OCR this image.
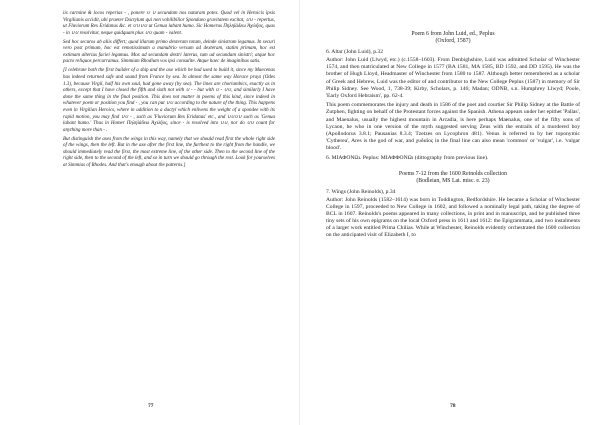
iis carmine & locos reperias - , ponere ∪ ∪ secundam nos naturam potes. Quod vel in Heroicis ipsis Virgilianis accidit, ubi praeter Dactylum qui non vobilibilior Spondaeo gravitatem excitat, ∪∪ - repertus, ut Fluviorum Rex Eridanus &c. et ∪∪∪∪ ut Genua labant humo. Sic Homerus Πηληϊάδεω Ἀχιλῆος, quas - in ∪∪ resolvitur, neque quidquam plus ∪∪ quam - valent.

Sed hoc securos ab aliis differt; quod illarum primo dexteram totam, deinde sinistram legamus. In securi vero post primam, hoc est remotissimam a manubrio versum ad dexteram, statim primam, hoc est extimam alterius faciei legamus. Mox ad secundam dextri laterus, tum ad secundam sinistri; atque hoc pacto reliquos percurramus. Simmiam Rhodium vos ipsi consulite. Atque haec de imaginibus satis.

[I celebrate both the first builder of a ship and the axe which he had used to build it, since my Maecenas has indeed returned safe and sound from France by sea. In almost the same way Horace prays (Odes 1.3), because Virgil, half his own soul, had gone away (by sea). The lines are choriambics, exactly as in others, except that I have closed the fifth and sixth not with ∪ - - but with ∪ - ∪∪, and similarly I have done the same thing in the final position. This does not matter in poems of this kind, since indeed in whatever poem or position you find - , you can put ∪∪ according to the nature of the thing. This happens even in Virgilian Heroics, where in addition to a dactyl which enlivens the weight of a spondee with its rapid motion, you may find ∪∪ - , such as 'Fluviorum Rex Eridanus' etc., and ∪∪∪∪ such as 'Genua labant humo.' Thus in Homer Πηληϊάδεω Ἀχιλῆος, since - is resolved into ∪∪, nor do ∪∪ count for anything more than - .

But distinguish the axes from the wings in this way, namely that we should read first the whole right side of the wings, then the left. But in the axe after the first line, the furthest to the right from the handle, we should immediately read the first, the most extreme line, of the other side. Then to the second line of the right side, then to the second of the left, and so in turn we should go through the rest. Look for yourselves at Simmias of Rhodes. And that's enough about the patterns.]

77

Poem 6 from John Luid, ed., Peplus

(Oxford, 1587)

6. Altar (John Luid), p.32

Author: John Luid (Llwyd, etc.) (c.1558–1603). From Denbighshire, Luid was admitted Scholar of Winchester 1574, and then matriculated at New College in 1577 (BA 1581, MA 1585, BD 1592, and DD 1595). He was the brother of Hugh Lloyd, Headmaster of Winchester from 1580 to 1587. Although better remembered as a scholar of Greek and Hebrew, Luid was the editor of and contributor to the New College Peplus (1587) in memory of Sir Philip Sidney. See Wood, 1, 738-39; Kirby, Scholars, p. 146; Madan; ODNB, s.n. Humphrey Llwyd; Poole, 'Early Oxford Hebraism', pp. 62-4.

This poem commemorates the injury and death in 1586 of the poet and courtier Sir Philip Sidney at the Battle of Zutphen, fighting on behalf of the Protestant forces against the Spanish. Athena appears under her epithet 'Pallas', and Maenalus, usually the highest mountain in Arcadia, is here perhaps Maenalus, one of the fifty sons of Lycaon, he who in one version of the myth suggested serving Zeus with the entrails of a murdered boy (Apollodorus 3.8.1; Pausanias 8.3.4; Tzetzes on Lycophron 481). Venus is referred to by her toponymic 'Cytherea', Ares is the god of war, and χυδαῖος in the final line can also mean 'common' or 'vulgar', i.e. 'vulgar blood'.

6. ΜΙΑΦΟΝΩι. Peplus: ΜΙΑΦΦΟΝΩι (dittography from previous line).

Poems 7-12 from the 1600 Reinolds collection

(Bodleian, MS Lat. misc. e. 23)

7. Wings (John Reinolds), p.34

Author: John Reinolds (1582–1614) was born in Toddington, Bedfordshire. He became a Scholar of Winchester College in 1597, proceeded to New College in 1602, and followed a nominally legal path, taking the degree of BCL in 1607. Reinolds's poems appeared in many collections, in print and in manuscript, and he published three tiny sets of his own epigrams on the local Oxford press in 1611 and 1612: the Epigrammata, and two instalments of a larger work entitled Prima Chilias. While at Winchester, Reinolds evidently orchestrated the 1600 collection on the anticipated visit of Elizabeth I, to

78
